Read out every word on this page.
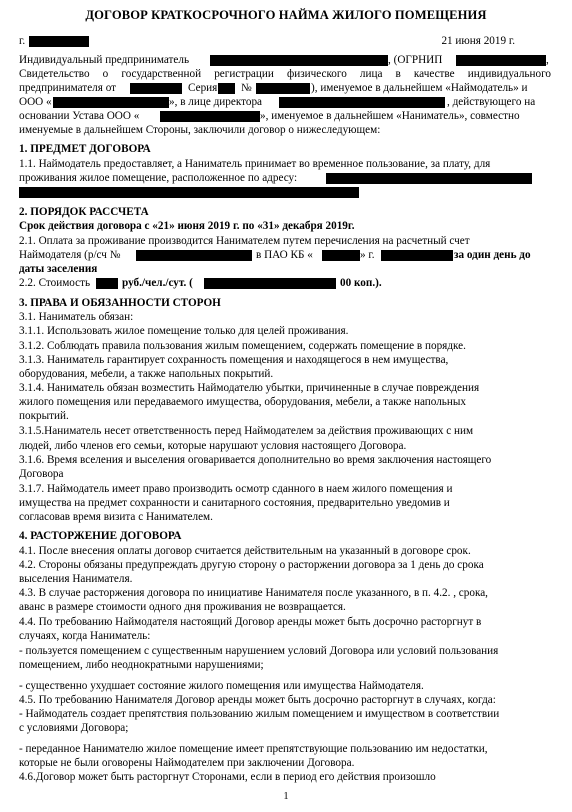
ДОГОВОР КРАТКОСРОЧНОГО НАЙМА ЖИЛОГО ПОМЕЩЕНИЯ
г.	21 июня 2019 г.
Индивидуальный предприниматель	, (ОГРНИП	,
Свидетельство о государственной регистрации физического лица в качестве индивидуального
предпринимателя от	Серия №	), именуемое в дальнейшем «Наймодатель» и
ООО «	», в лице директора	, действующего на
основании Устава ООО «	», именуемое в дальнейшем «Наниматель», совместно
именуемые в дальнейшем Стороны, заключили договор о нижеследующем:
1. ПРЕДМЕТ ДОГОВОРА
1.1. Наймодатель предоставляет, а Наниматель принимает во временное пользование, за плату, для
проживания жилое помещение, расположенное по адресу:
2. ПОРЯДОК РАССЧЕТА
Срок действия договора с «21» июня 2019 г. по «31» декабря 2019г.
2.1. Оплата за проживание производится Нанимателем путем перечисления на расчетный счет
Наймодателя (р/сч №	в ПАО КБ «	» г.	за один день до
даты заселения
2.2. Стоимость	руб./чел./сут. (	00 коп.).
3. ПРАВА И ОБЯЗАННОСТИ СТОРОН
3.1. Наниматель обязан:
3.1.1. Использовать жилое помещение только для целей проживания.
3.1.2. Соблюдать правила пользования жилым помещением, содержать помещение в порядке.
3.1.3. Наниматель гарантирует сохранность помещения и находящегося в нем имущества,
оборудования, мебели, а также напольных покрытий.
3.1.4. Наниматель обязан возместить Наймодателю убытки, причиненные в случае повреждения
жилого помещения или передаваемого имущества, оборудования, мебели, а также напольных
покрытий.
3.1.5.Наниматель несет ответственность перед Наймодателем за действия проживающих с ним
людей, либо членов его семьи, которые нарушают условия настоящего Договора.
3.1.6. Время вселения и выселения оговаривается дополнительно во время заключения настоящего
Договора
3.1.7. Наймодатель имеет право производить осмотр сданного в наем жилого помещения и
имущества на предмет сохранности и санитарного состояния, предварительно уведомив и
согласовав время визита с Нанимателем.
4. РАСТОРЖЕНИЕ ДОГОВОРА
4.1. После внесения оплаты договор считается действительным на указанный в договоре срок.
4.2. Стороны обязаны предупреждать другую сторону о расторжении договора за 1 день до срока
выселения Нанимателя.
4.3. В случае расторжения договора по инициативе Нанимателя после указанного, в п. 4.2. , срока,
аванс в размере стоимости одного дня проживания не возвращается.
4.4. По требованию Наймодателя настоящий Договор аренды может быть досрочно расторгнут в
случаях, когда Наниматель:
- пользуется помещением с существенным нарушением условий Договора или условий пользования
помещением, либо неоднократными нарушениями;
- существенно ухудшает состояние жилого помещения или имущества Наймодателя.
4.5. По требованию Нанимателя Договор аренды может быть досрочно расторгнут в случаях, когда:
- Наймодатель создает препятствия пользованию жилым помещением и имуществом в соответствии
с условиями Договора;
- переданное Нанимателю жилое помещение имеет препятствующие пользованию им недостатки,
которые не были оговорены Наймодателем при заключении Договора.
4.6.Договор может быть расторгнут Сторонами, если в период его действия произошло
1
